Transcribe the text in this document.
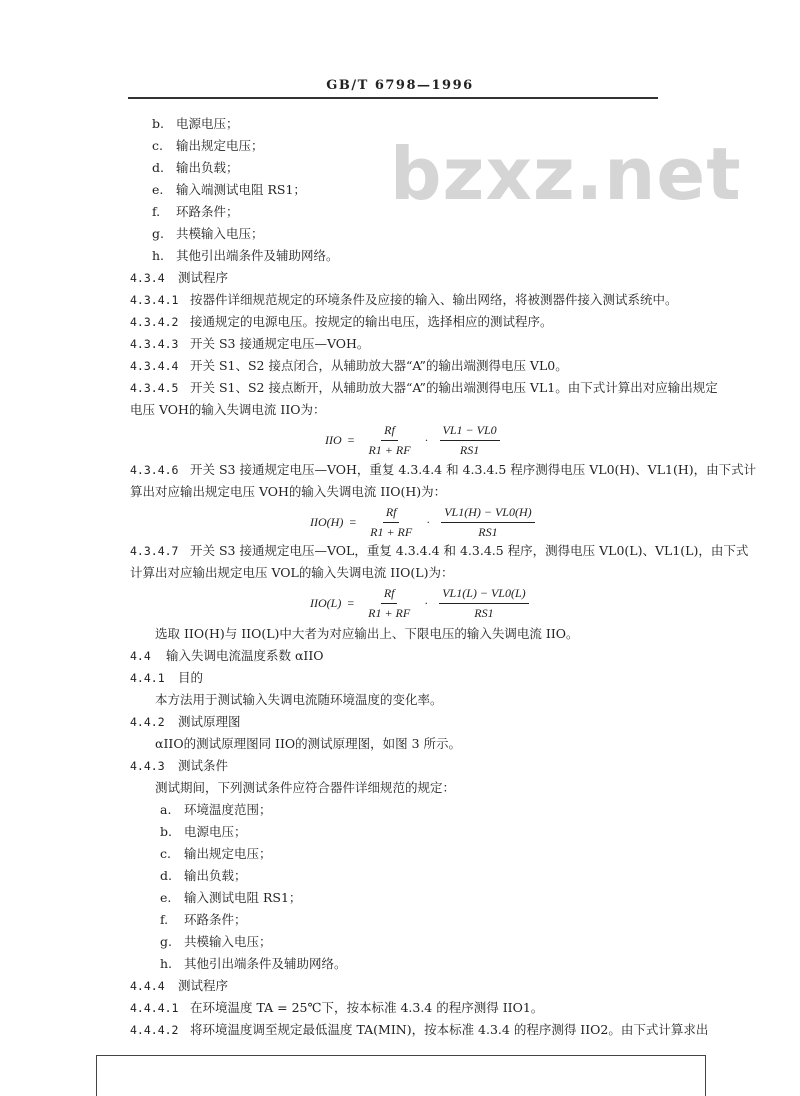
GB/T 6798—1996
bzxz.net
b. 电源电压；
c. 输出规定电压；
d. 输出负载；
e. 输入端测试电阻 RS1；
f. 环路条件；
g. 共模输入电压；
h. 其他引出端条件及辅助网络。
4.3.4 测试程序
4.3.4.1 按器件详细规范规定的环境条件及应接的输入、输出网络，将被测器件接入测试系统中。
4.3.4.2 接通规定的电源电压。按规定的输出电压，选择相应的测试程序。
4.3.4.3 开关 S3 接通规定电压—VOH。
4.3.4.4 开关 S1、S2 接点闭合，从辅助放大器“A”的输出端测得电压 VL0。
4.3.4.5 开关 S1、S2 接点断开，从辅助放大器“A”的输出端测得电压 VL1。由下式计算出对应输出规定
电压 VOH的输入失调电流 IIO为：
IIO = $\frac{Rf}{R1 + RF} \cdot \frac{VL1 - VL0}{RS1}$
4.3.4.6 开关 S3 接通规定电压—VOH，重复 4.3.4.4 和 4.3.4.5 程序测得电压 VL0(H)、VL1(H)，由下式计
算出对应输出规定电压 VOH的输入失调电流 IIO(H)为：
$IIO(H) = \frac{Rf}{R1 + RF} \cdot \frac{VL1(H) - VL0(H)}{RS1}$
4.3.4.7 开关 S3 接通规定电压—VOL，重复 4.3.4.4 和 4.3.4.5 程序，测得电压 VL0(L)、VL1(L)，由下式
计算出对应输出规定电压 VOL的输入失调电流 IIO(L)为：
$IIO(L) = \frac{Rf}{R1 + RF} \cdot \frac{VL1(L) - VL0(L)}{RS1}$
选取 IIO(H)与 IIO(L)中大者为对应输出上、下限电压的输入失调电流 IIO。
4.4 输入失调电流温度系数 αIIO
4.4.1 目的
本方法用于测试输入失调电流随环境温度的变化率。
4.4.2 测试原理图
αIIO的测试原理图同 IIO的测试原理图，如图 3 所示。
4.4.3 测试条件
测试期间，下列测试条件应符合器件详细规范的规定：
a. 环境温度范围；
b. 电源电压；
c. 输出规定电压；
d. 输出负载；
e. 输入测试电阻 RS1；
f. 环路条件；
g. 共模输入电压；
h. 其他引出端条件及辅助网络。
4.4.4 测试程序
4.4.4.1 在环境温度 TA = 25℃下，按本标准 4.3.4 的程序测得 IIO1。
4.4.4.2 将环境温度调至规定最低温度 TA(MIN)，按本标准 4.3.4 的程序测得 IIO2。由下式计算求出
